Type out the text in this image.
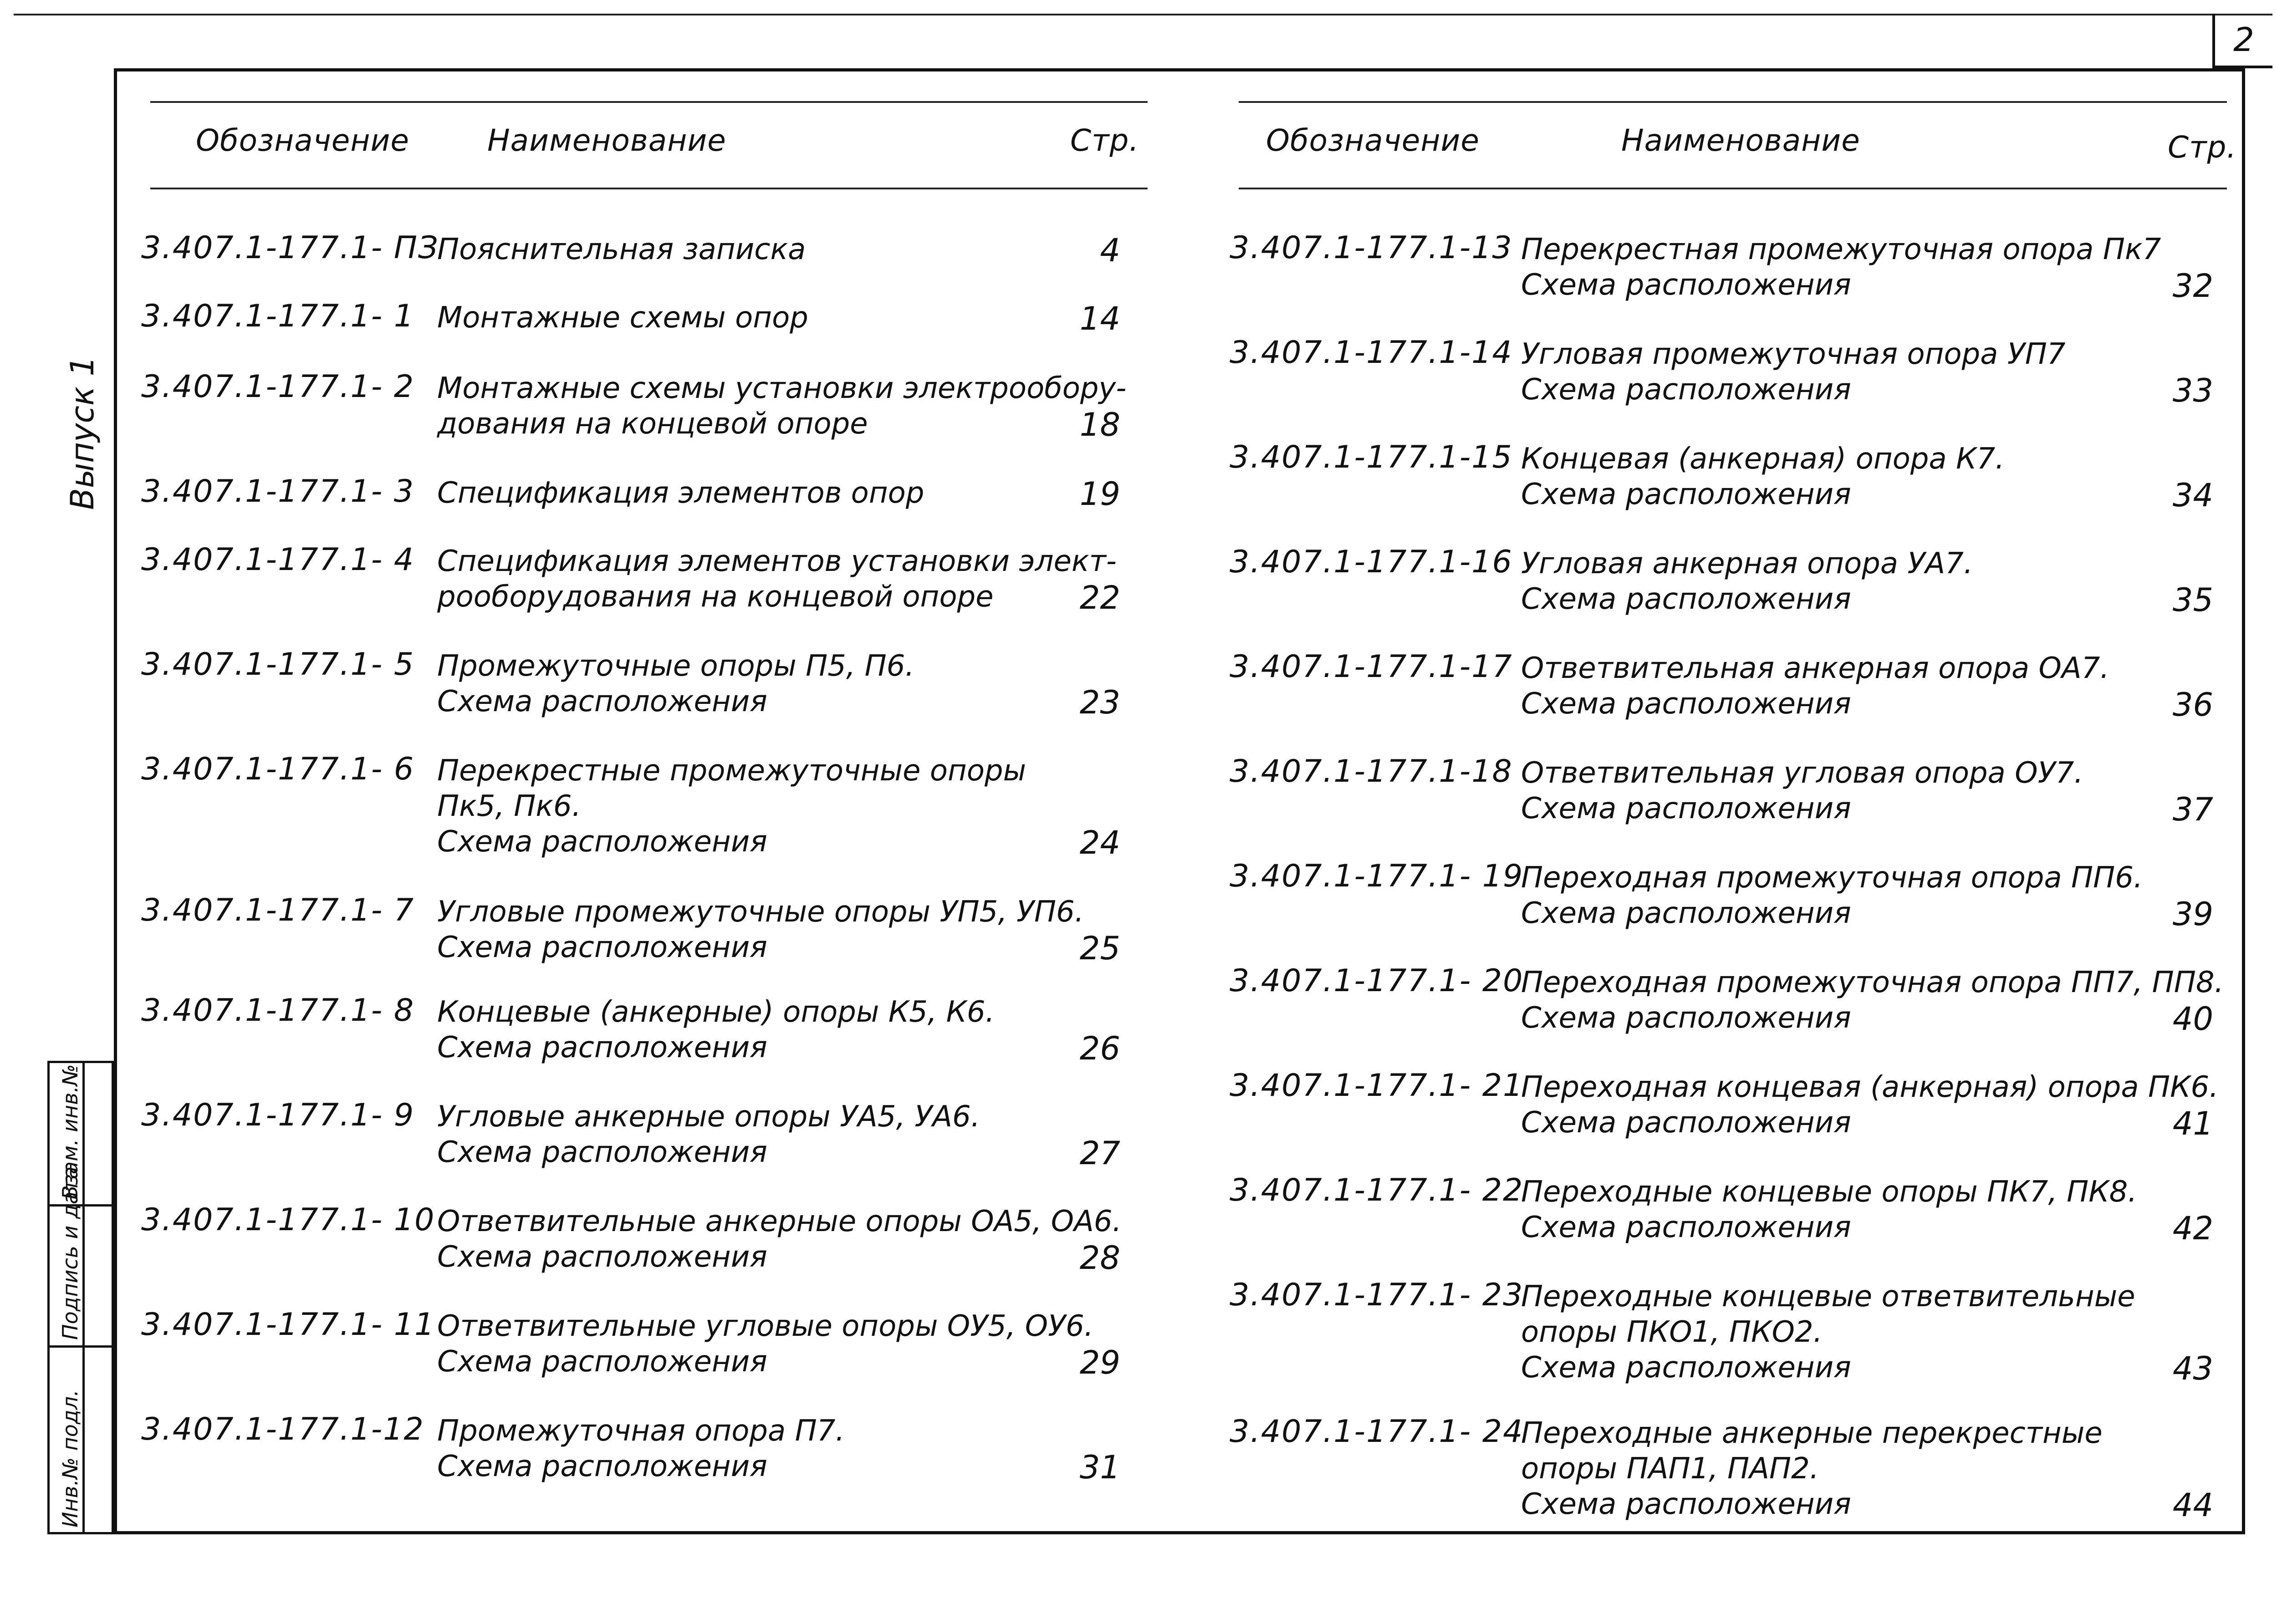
2
Выпуск 1
Инв.№ подл.
Подпись и дата
Взам. инв.№
Обозначение	Наименование	Стр.	Обозначение	Наименование	Стр.
3.407.1-177.1- ПЗ
Пояснительная записка	4
3.407.1-177.1- 1 Монтажные схемы опор	14
3.407.1-177.1- 2 Монтажные схемы установки электрообору-
дования на концевой опоре	18
3.407.1-177.1- 3 Спецификация элементов опор	19
3.407.1-177.1- 4 Спецификация элементов установки элект-
рооборудования на концевой опоре	22
3.407.1-177.1- 5 Промежуточные опоры П5, П6.
Схема расположения	23
3.407.1-177.1- 6 Перекрестные промежуточные опоры
Пк5, Пк6.
Схема расположения	24
3.407.1-177.1- 7 Угловые промежуточные опоры УП5, УП6.
Схема расположения	25
3.407.1-177.1- 8 Концевые (анкерные) опоры К5, К6.
Схема расположения	26
3.407.1-177.1- 9 Угловые анкерные опоры УА5, УА6.
Схема расположения	27
3.407.1-177.1- 10 Ответвительные анкерные опоры ОА5, ОА6.
Схема расположения	28
3.407.1-177.1- 11 Ответвительные угловые опоры ОУ5, ОУ6.
Схема расположения	29
3.407.1-177.1-12 Промежуточная опора П7.
Схема расположения	31
3.407.1-177.1-13 Перекрестная промежуточная опора Пк7
Схема расположения	32
3.407.1-177.1-14 Угловая промежуточная опора УП7
Схема расположения	33
3.407.1-177.1-15 Концевая (анкерная) опора К7.
Схема расположения	34
3.407.1-177.1-16 Угловая анкерная опора УА7.
Схема расположения	35
3.407.1-177.1-17 Ответвительная анкерная опора ОА7.
Схема расположения	36
3.407.1-177.1-18 Ответвительная угловая опора ОУ7.
Схема расположения	37
3.407.1-177.1- 19
Переходная промежуточная опора ПП6.
Схема расположения	39
3.407.1-177.1- 20
Переходная промежуточная опора ПП7, ПП8.
Схема расположения	40
3.407.1-177.1- 21
Переходная концевая (анкерная) опора ПК6.
Схема расположения	41
3.407.1-177.1- 22
Переходные концевые опоры ПК7, ПК8.
Схема расположения	42
3.407.1-177.1- 23
Переходные концевые ответвительные
опоры ПКО1, ПКО2.
Схема расположения	43
3.407.1-177.1- 24
Переходные анкерные перекрестные
опоры ПАП1, ПАП2.
Схема расположения	44
